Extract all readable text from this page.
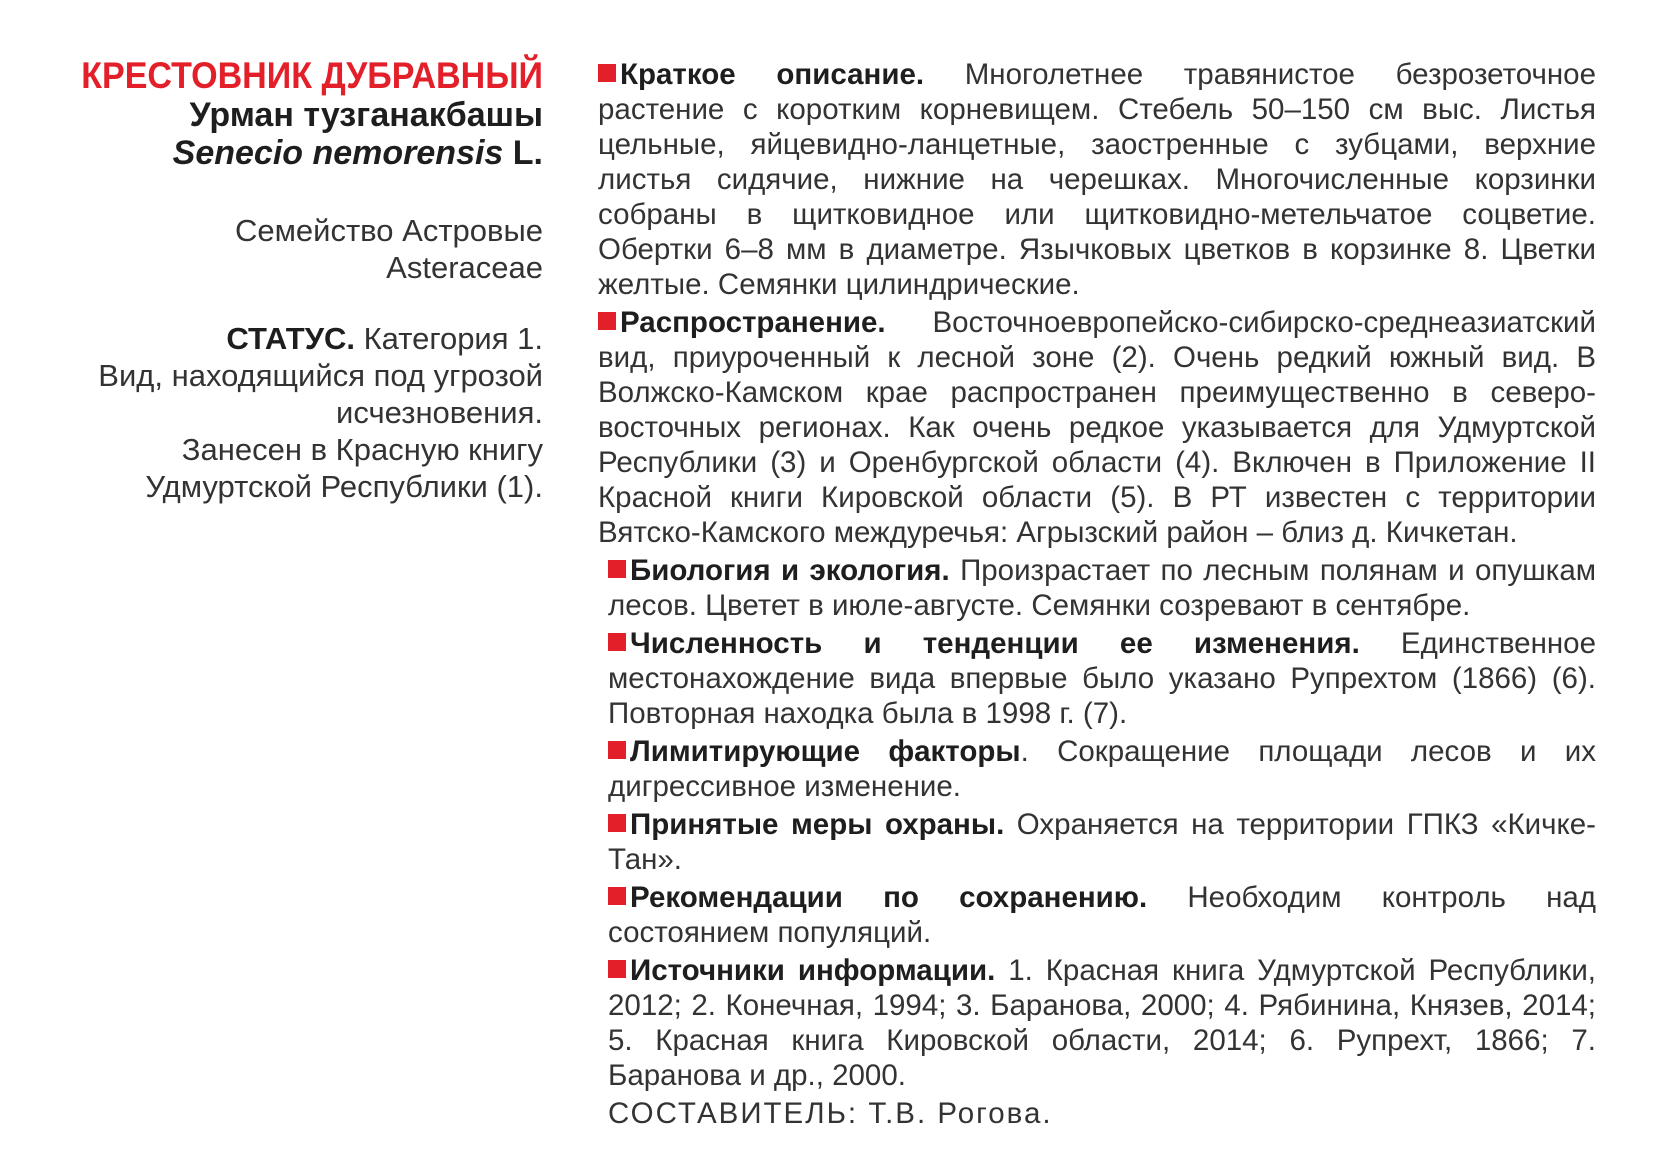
КРЕСТОВНИК ДУБРАВНЫЙ
Урман тузганакбашы
Senecio nemorensis L.
Семейство Астровые
Asteraceae
СТАТУС. Категория 1.
Вид, находящийся под угрозой исчезновения.
Занесен в Красную книгу Удмуртской Республики (1).

Краткое описание. Многолетнее травянистое безрозеточное растение с коротким корневищем. Стебель 50–150 см выс. Листья цельные, яйцевидно-ланцетные, заостренные с зубцами, верхние листья сидячие, нижние на черешках. Многочисленные корзинки собраны в щитковидное или щитковидно-метельчатое соцветие. Обертки 6–8 мм в диаметре. Язычковых цветков в корзинке 8. Цветки желтые. Семянки цилиндрические.

Распространение. Восточноевропейско-сибирско-среднеазиатский вид, приуроченный к лесной зоне (2). Очень редкий южный вид. В Волжско-Камском крае распространен преимущественно в северо-восточных регионах. Как очень редкое указывается для Удмуртской Республики (3) и Оренбургской области (4). Включен в Приложение II Красной книги Кировской области (5). В РТ известен с территории Вятско-Камского междуречья: Агрызский район – близ д. Кичкетан.

Биология и экология. Произрастает по лесным полянам и опушкам лесов. Цветет в июле-августе. Семянки созревают в сентябре.

Численность и тенденции ее изменения. Единственное местонахождение вида впервые было указано Рупрехтом (1866) (6). Повторная находка была в 1998 г. (7).

Лимитирующие факторы. Сокращение площади лесов и их дигрессивное изменение.

Принятые меры охраны. Охраняется на территории ГПКЗ «Кичке-Тан».

Рекомендации по сохранению. Необходим контроль над состоянием популяций.

Источники информации. 1. Красная книга Удмуртской Республики, 2012; 2. Конечная, 1994; 3. Баранова, 2000; 4. Рябинина, Князев, 2014; 5. Красная книга Кировской области, 2014; 6. Рупрехт, 1866; 7. Баранова и др., 2000.

СОСТАВИТЕЛЬ: Т.В. Рогова.
